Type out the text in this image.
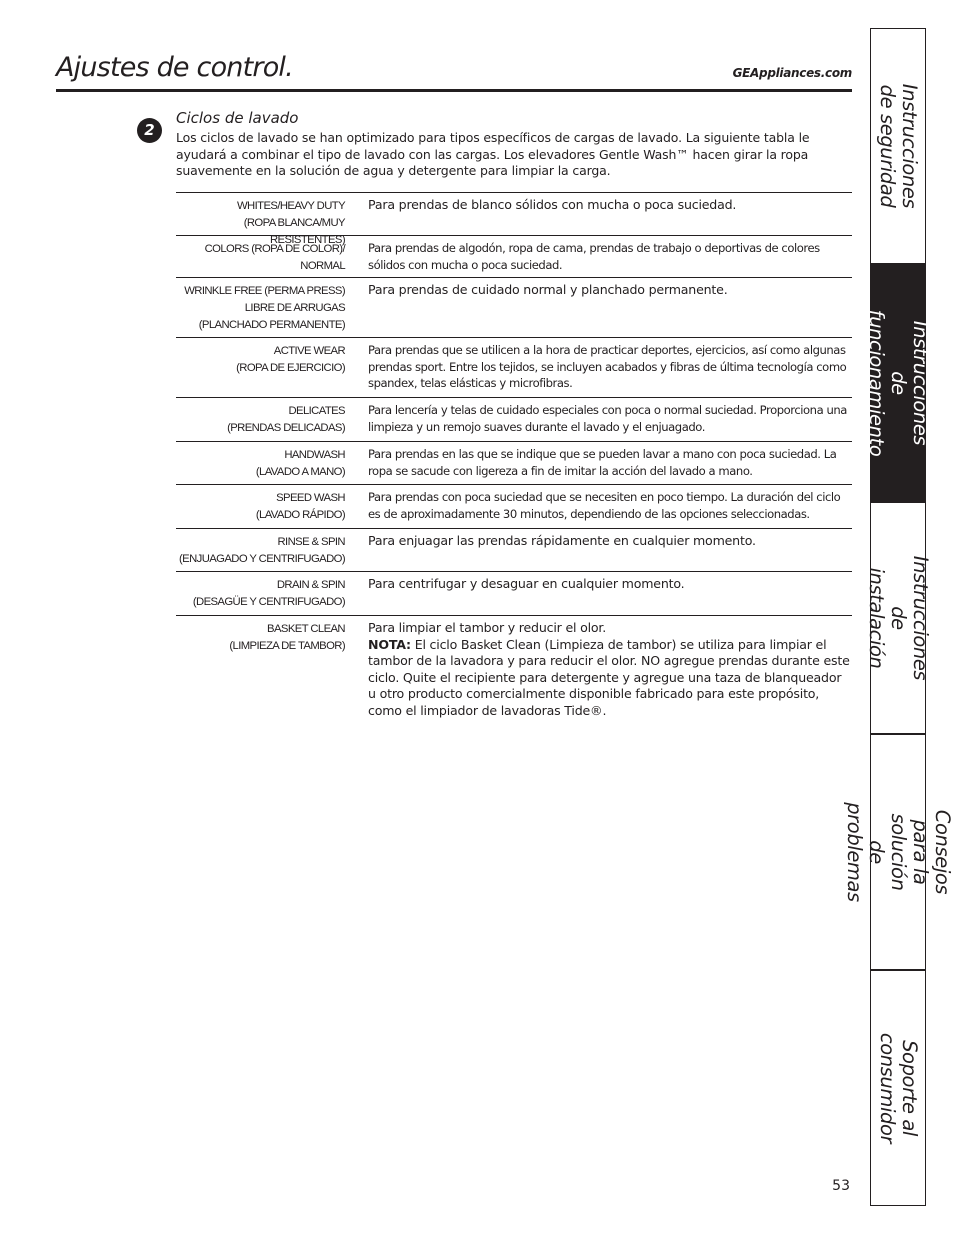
Ajustes de control.	GEAppliances.com
2
Ciclos de lavado
Los ciclos de lavado se han optimizado para tipos específicos de cargas de lavado. La siguiente tabla le ayudará a combinar el tipo de lavado con las cargas. Los elevadores Gentle Wash™ hacen girar la ropa suavemente en la solución de agua y detergente para limpiar la carga.
WHITES/HEAVY DUTY
(ROPA BLANCA/MUY RESISTENTES)
Para prendas de blanco sólidos con mucha o poca suciedad.
COLORS (ROPA DE COLOR)/
NORMAL
Para prendas de algodón, ropa de cama, prendas de trabajo o deportivas de colores sólidos con mucha o poca suciedad.
WRINKLE FREE (PERMA PRESS)
LIBRE DE ARRUGAS
(PLANCHADO PERMANENTE)
Para prendas de cuidado normal y planchado permanente.
ACTIVE WEAR
(ROPA DE EJERCICIO)
Para prendas que se utilicen a la hora de practicar deportes, ejercicios, así como algunas prendas sport. Entre los tejidos, se incluyen acabados y fibras de última tecnología como spandex, telas elásticas y microfibras.
DELICATES
(PRENDAS DELICADAS)
Para lencería y telas de cuidado especiales con poca o normal suciedad. Proporciona una limpieza y un remojo suaves durante el lavado y el enjuagado.
HANDWASH
(LAVADO A MANO)
Para prendas en las que se indique que se pueden lavar a mano con poca suciedad. La ropa se sacude con ligereza a fin de imitar la acción del lavado a mano.
SPEED WASH
(LAVADO RÁPIDO)
Para prendas con poca suciedad que se necesiten en poco tiempo. La duración del ciclo es de aproximadamente 30 minutos, dependiendo de las opciones seleccionadas.
RINSE & SPIN
(ENJUAGADO Y CENTRIFUGADO)
Para enjuagar las prendas rápidamente en cualquier momento.
DRAIN & SPIN
(DESAGÜE Y CENTRIFUGADO)
Para centrifugar y desaguar en cualquier momento.
BASKET CLEAN
(LIMPIEZA DE TAMBOR)
Para limpiar el tambor y reducir el olor.
NOTA: El ciclo Basket Clean (Limpieza de tambor) se utiliza para limpiar el tambor de la lavadora y para reducir el olor. NO agregue prendas durante este ciclo. Quite el recipiente para detergente y agregue una taza de blanqueador u otro producto comercialmente disponible fabricado para este propósito, como el limpiador de lavadoras Tide®.
53
Instrucciones
de seguridad
Instrucciones
de funcionamiento
Instrucciones
de instalación
Consejos para la
solución de problemas
Soporte al consumidor
